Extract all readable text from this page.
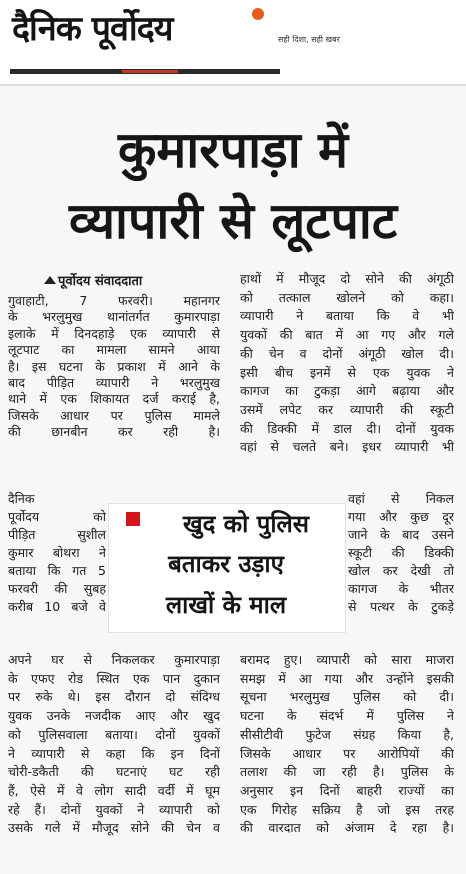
दैनिक पूर्वोदय	सही दिशा, सही खबर
कुमारपाड़ा में
व्यापारी से लूटपाट
पूर्वोदय संवाददाता
गुवाहाटी, 7 फरवरी। महानगर
के भरलुमुख थानांतर्गत कुमारपाड़ा
इलाके में दिनदहाड़े एक व्यापारी से
लूटपाट का मामला सामने आया
है। इस घटना के प्रकाश में आने के
बाद पीड़ित व्यापारी ने भरलुमुख
थाने में एक शिकायत दर्ज कराई है,
जिसके आधार पर पुलिस मामले
की छानबीन कर रही है।
दैनिक
पूर्वोदय को
पीड़ित सुशील
कुमार बोथरा ने
बताया कि गत 5
फरवरी की सुबह
करीब 10 बजे वे
अपने घर से निकलकर कुमारपाड़ा
के एफए रोड स्थित एक पान दुकान
पर रुके थे। इस दौरान दो संदिग्ध
युवक उनके नजदीक आए और खुद
को पुलिसवाला बताया। दोनों युवकों
ने व्यापारी से कहा कि इन दिनों
चोरी-डकैती की घटनाएं घट रही
हैं, ऐसे में वे लोग सादी वर्दी में घूम
रहे हैं। दोनों युवकों ने व्यापारी को
उसके गले में मौजूद सोने की चेन व
हाथों में मौजूद दो सोने की अंगूठी
को तत्काल खोलने को कहा।
व्यापारी ने बताया कि वे भी
युवकों की बात में आ गए और गले
की चेन व दोनों अंगूठी खोल दी।
इसी बीच इनमें से एक युवक ने
कागज का टुकड़ा आगे बढ़ाया और
उसमें लपेट कर व्यापारी की स्कूटी
की डिक्की में डाल दी। दोनों युवक
वहां से चलते बने। इधर व्यापारी भी
वहां से निकल
गया और कुछ दूर
जाने के बाद उसने
स्कूटी की डिक्की
खोल कर देखी तो
कागज के भीतर
से पत्थर के टुकड़े
बरामद हुए। व्यापारी को सारा माजरा
समझ में आ गया और उन्होंने इसकी
सूचना भरलुमुख पुलिस को दी।
घटना के संदर्भ में पुलिस ने
सीसीटीवी फुटेज संग्रह किया है,
जिसके आधार पर आरोपियों की
तलाश की जा रही है। पुलिस के
अनुसार इन दिनों बाहरी राज्यों का
एक गिरोह सक्रिय है जो इस तरह
की वारदात को अंजाम दे रहा है।
खुद को पुलिस
बताकर उड़ाए
लाखों के माल
